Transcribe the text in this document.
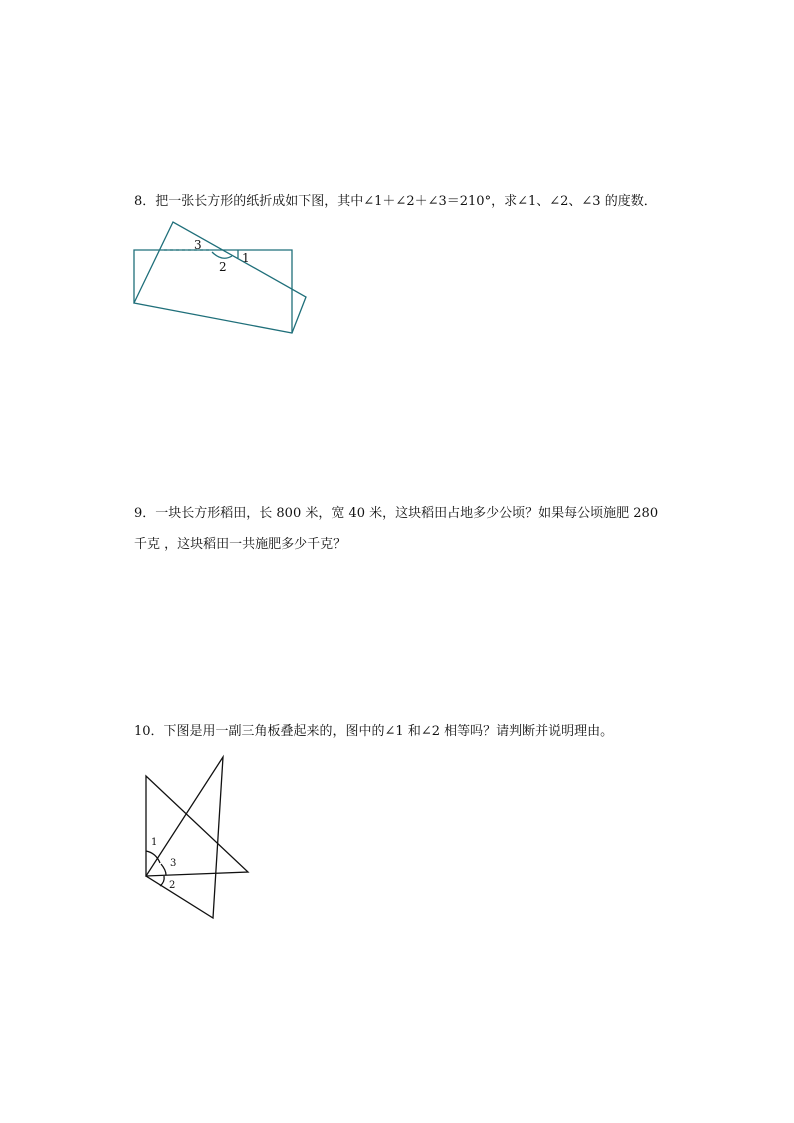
8．把一张长方形的纸折成如下图，其中∠1＋∠2＋∠3＝210°，求∠1、∠2、∠3 的度数．
3
2
1
9．一块长方形稻田，长 800 米，宽 40 米，这块稻田占地多少公顷？如果每公顷施肥 280
千克 ，这块稻田一共施肥多少千克？
10．下图是用一副三角板叠起来的，图中的∠1 和∠2 相等吗？请判断并说明理由。
1
3
2
